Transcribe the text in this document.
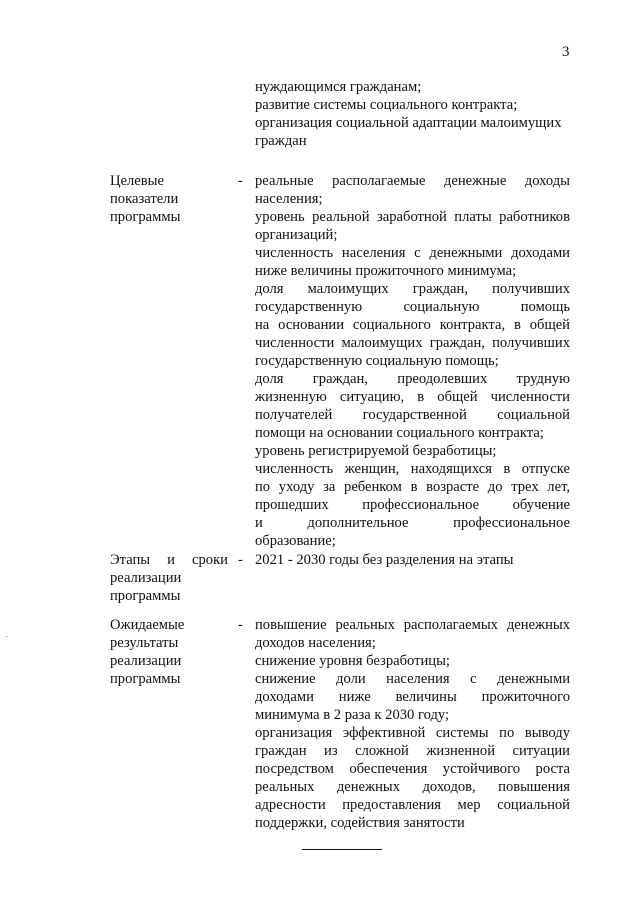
3
нуждающимся гражданам;
развитие системы социального контракта;
организация социальной адаптации малоимущих
граждан
Целевые
показатели
программы
- реальные располагаемые денежные доходы
населения;
уровень реальной заработной платы работников
организаций;
численность населения с денежными доходами
ниже величины прожиточного минимума;
доля малоимущих граждан, получивших
государственную социальную помощь
на основании социального контракта, в общей
численности малоимущих граждан, получивших
государственную социальную помощь;
доля граждан, преодолевших трудную
жизненную ситуацию, в общей численности
получателей государственной социальной
помощи на основании социального контракта;
уровень регистрируемой безработицы;
численность женщин, находящихся в отпуске
по уходу за ребенком в возрасте до трех лет,
прошедших профессиональное обучение
и дополнительное профессиональное
образование;
Этапы и сроки
реализации
программы
- 2021 - 2030 годы без разделения на этапы
Ожидаемые
результаты
реализации
программы
- повышение реальных располагаемых денежных
доходов населения;
снижение уровня безработицы;
снижение доли населения с денежными
доходами ниже величины прожиточного
минимума в 2 раза к 2030 году;
организация эффективной системы по выводу
граждан из сложной жизненной ситуации
посредством обеспечения устойчивого роста
реальных денежных доходов, повышения
адресности предоставления мер социальной
поддержки, содействия занятости
